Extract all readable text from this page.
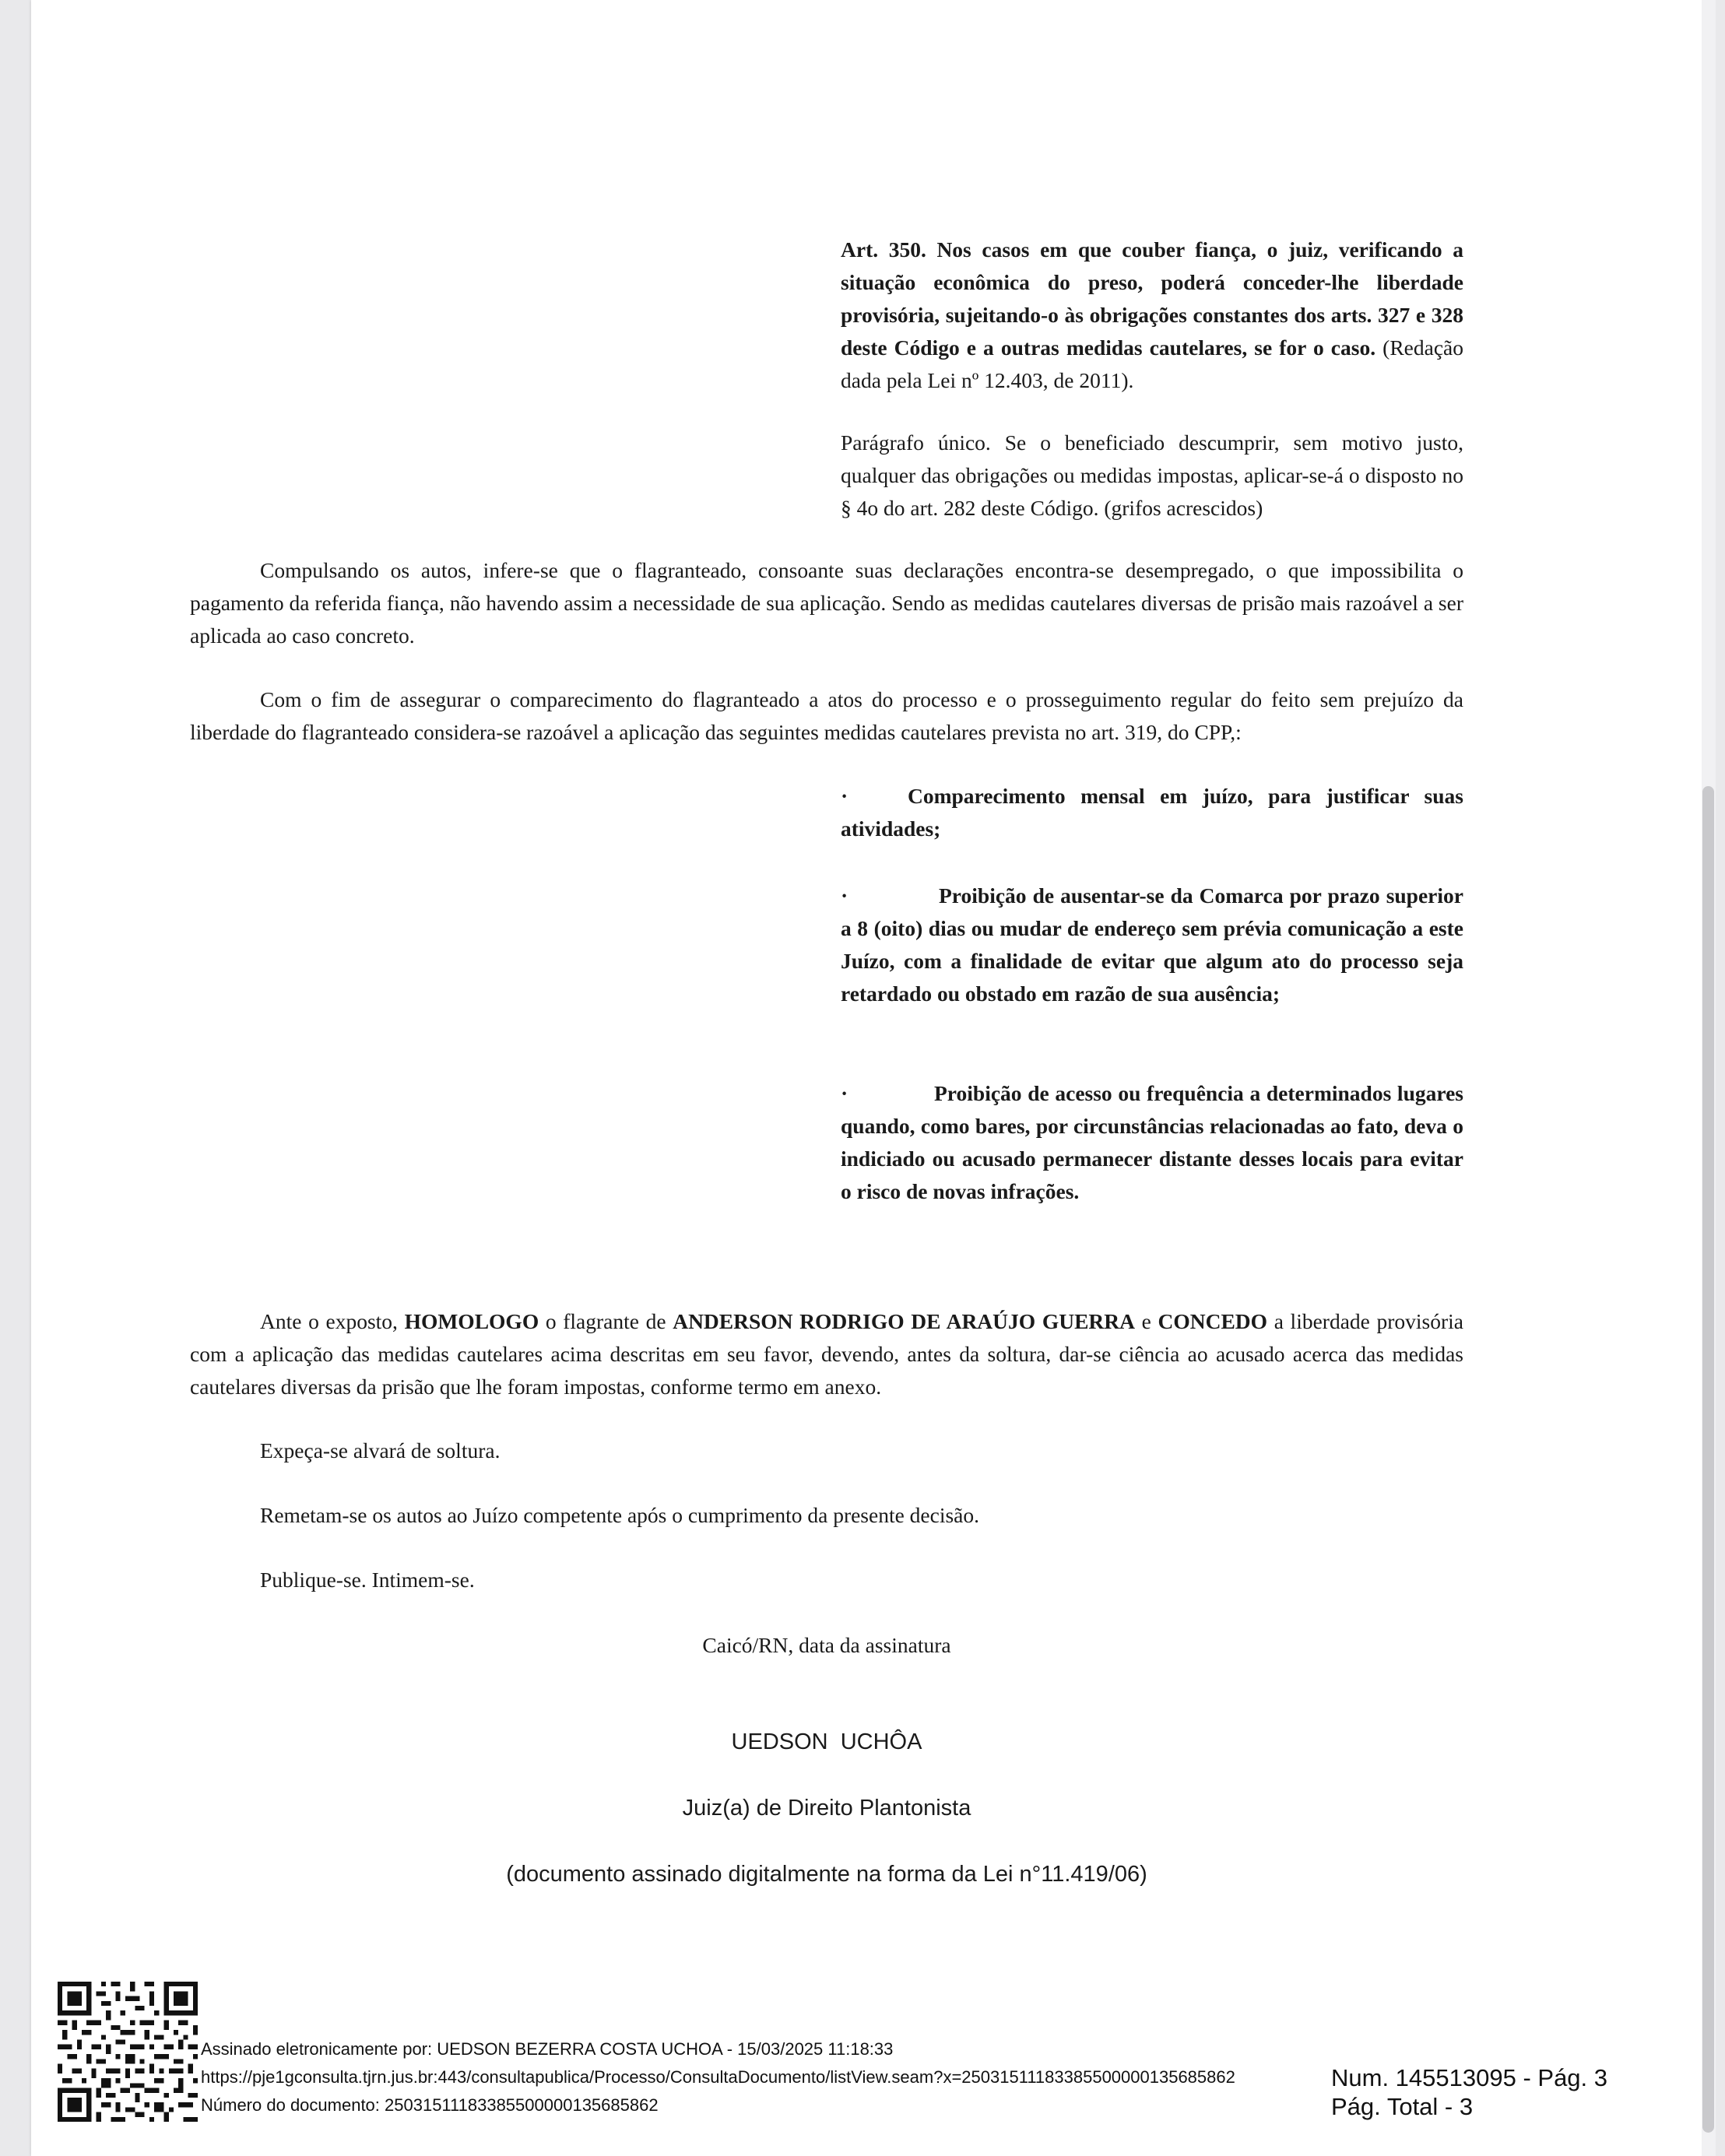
Art. 350. Nos casos em que couber fiança, o juiz, verificando a situação econômica do preso, poderá conceder-lhe liberdade provisória, sujeitando-o às obrigações constantes dos arts. 327 e 328 deste Código e a outras medidas cautelares, se for o caso. (Redação dada pela Lei nº 12.403, de 2011).
Parágrafo único. Se o beneficiado descumprir, sem motivo justo, qualquer das obrigações ou medidas impostas, aplicar-se-á o disposto no § 4o do art. 282 deste Código. (grifos acrescidos)
Compulsando os autos, infere-se que o flagranteado, consoante suas declarações encontra-se desempregado, o que impossibilita o pagamento da referida fiança, não havendo assim a necessidade de sua aplicação. Sendo as medidas cautelares diversas de prisão mais razoável a ser aplicada ao caso concreto.
Com o fim de assegurar o comparecimento do flagranteado a atos do processo e o prosseguimento regular do feito sem prejuízo da liberdade do flagranteado considera-se razoável a aplicação das seguintes medidas cautelares prevista no art. 319, do CPP,:
·	Comparecimento mensal em juízo, para justificar suas atividades;
·	Proibição de ausentar-se da Comarca por prazo superior a 8 (oito) dias ou mudar de endereço sem prévia comunicação a este Juízo, com a finalidade de evitar que algum ato do processo seja retardado ou obstado em razão de sua ausência;
·	Proibição de acesso ou frequência a determinados lugares quando, como bares, por circunstâncias relacionadas ao fato, deva o indiciado ou acusado permanecer distante desses locais para evitar o risco de novas infrações.
Ante o exposto, HOMOLOGO o flagrante de ANDERSON RODRIGO DE ARAÚJO GUERRA e CONCEDO a liberdade provisória com a aplicação das medidas cautelares acima descritas em seu favor, devendo, antes da soltura, dar-se ciência ao acusado acerca das medidas cautelares diversas da prisão que lhe foram impostas, conforme termo em anexo.
Expeça-se alvará de soltura.
Remetam-se os autos ao Juízo competente após o cumprimento da presente decisão.
Publique-se. Intimem-se.
Caicó/RN, data da assinatura
UEDSON  UCHÔA
Juiz(a) de Direito Plantonista
(documento assinado digitalmente na forma da Lei n°11.419/06)
Assinado eletronicamente por: UEDSON BEZERRA COSTA UCHOA - 15/03/2025 11:18:33
https://pje1gconsulta.tjrn.jus.br:443/consultapublica/Processo/ConsultaDocumento/listView.seam?x=25031511183385500000135685862
Número do documento: 25031511183385500000135685862
Num. 145513095 - Pág. 3
Pág. Total - 3
